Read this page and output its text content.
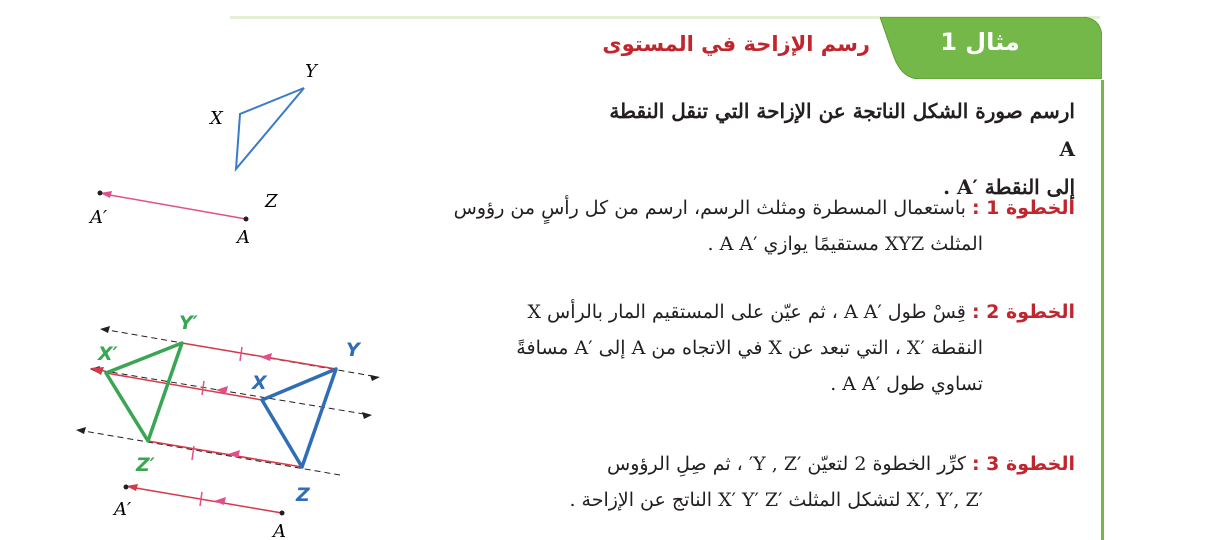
مثال 1
رسم الإزاحة في المستوى
ارسم صورة الشكل الناتجة عن الإزاحة التي تنقل النقطة A
إلى النقطة ′A .
الخطوة 1 : باستعمال المسطرة ومثلث الرسم، ارسم من كل رأسٍ من رؤوس
المثلث XYZ مستقيمًا يوازي ′A A .
الخطوة 2 : قِسْ طول ′A A ، ثم عيّن على المستقيم المار بالرأس X
النقطة ′X ، التي تبعد عن X في الاتجاه من A إلى ′A مسافةً
تساوي طول ′A A .
الخطوة 3 : كرِّر الخطوة 2 لتعيّن ′Y , Z′ ، ثم صِلِ الرؤوس
′X′, Y′, Z لتشكل المثلث ′X′ Y′ Z الناتج عن الإزاحة .
Y
X
Z
A
A′
Y′
X′
Z′
Y
X
Z
A
A′
